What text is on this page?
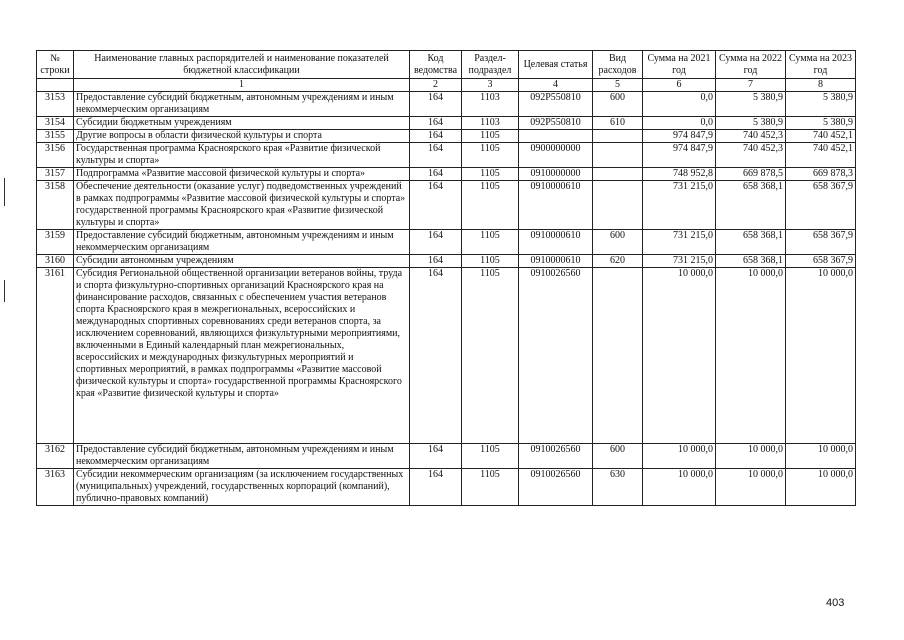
№ строки	Наименование главных распорядителей и наименование показателей бюджетной классификации	Код ведомства	Раздел-подраздел	Целевая статья	Вид расходов	Сумма на 2021 год	Сумма на 2022 год	Сумма на 2023 год
	1	2	3	4	5	6	7	8
3153	Предоставление субсидий бюджетным, автономным учреждениям и иным некоммерческим организациям	164	1103	092P550810	600	0,0	5 380,9	5 380,9
3154	Субсидии бюджетным учреждениям	164	1103	092P550810	610	0,0	5 380,9	5 380,9
3155	Другие вопросы в области физической культуры и спорта	164	1105			974 847,9	740 452,3	740 452,1
3156	Государственная программа Красноярского края «Развитие физической культуры и спорта»	164	1105	0900000000		974 847,9	740 452,3	740 452,1
3157	Подпрограмма «Развитие массовой физической культуры и спорта»	164	1105	0910000000		748 952,8	669 878,5	669 878,3
3158	Обеспечение деятельности (оказание услуг) подведомственных учреждений в рамках подпрограммы «Развитие массовой физической культуры и спорта» государственной программы Красноярского края «Развитие физической культуры и спорта»	164	1105	0910000610		731 215,0	658 368,1	658 367,9
3159	Предоставление субсидий бюджетным, автономным учреждениям и иным некоммерческим организациям	164	1105	0910000610	600	731 215,0	658 368,1	658 367,9
3160	Субсидии автономным учреждениям	164	1105	0910000610	620	731 215,0	658 368,1	658 367,9
3161	Субсидия Региональной общественной организации ветеранов войны, труда и спорта физкультурно-спортивных организаций Красноярского края на финансирование расходов, связанных с обеспечением участия ветеранов спорта Красноярского края в межрегиональных, всероссийских и международных спортивных соревнованиях среди ветеранов спорта, за исключением соревнований, являющихся физкультурными мероприятиями, включенными в Единый календарный план межрегиональных, всероссийских и международных физкультурных мероприятий и спортивных мероприятий, в рамках подпрограммы «Развитие массовой физической культуры и спорта» государственной программы Красноярского края «Развитие физической культуры и спорта»	164	1105	0910026560		10 000,0	10 000,0	10 000,0
3162	Предоставление субсидий бюджетным, автономным учреждениям и иным некоммерческим организациям	164	1105	0910026560	600	10 000,0	10 000,0	10 000,0
3163	Субсидии некоммерческим организациям (за исключением государственных (муниципальных) учреждений, государственных корпораций (компаний), публично-правовых компаний)	164	1105	0910026560	630	10 000,0	10 000,0	10 000,0
403
